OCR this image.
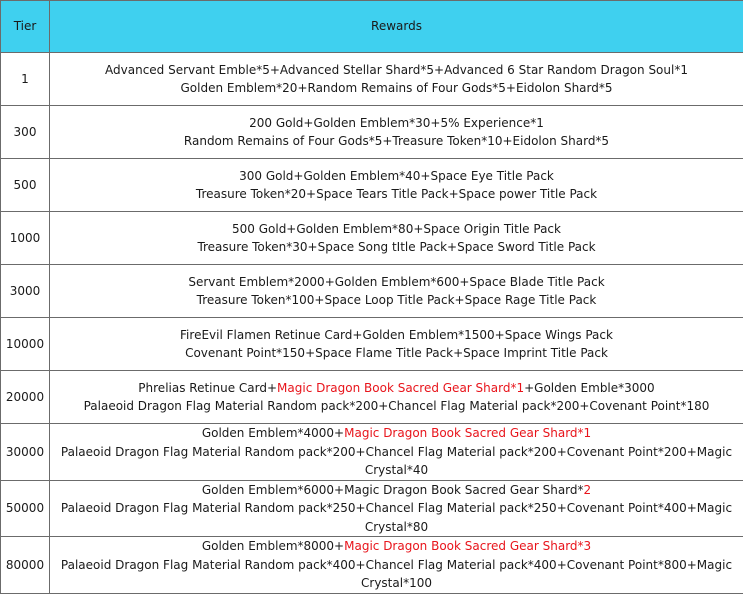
Tier	Rewards
1	Advanced Servant Emble*5+Advanced Stellar Shard*5+Advanced 6 Star Random Dragon Soul*1
Golden Emblem*20+Random Remains of Four Gods*5+Eidolon Shard*5

300	200 Gold+Golden Emblem*30+5% Experience*1
Random Remains of Four Gods*5+Treasure Token*10+Eidolon Shard*5

500	300 Gold+Golden Emblem*40+Space Eye Title Pack
Treasure Token*20+Space Tears Title Pack+Space power Title Pack

1000	500 Gold+Golden Emblem*80+Space Origin Title Pack
Treasure Token*30+Space Song tItle Pack+Space Sword Title Pack

3000	Servant Emblem*2000+Golden Emblem*600+Space Blade Title Pack
Treasure Token*100+Space Loop Title Pack+Space Rage Title Pack

10000	FireEvil Flamen Retinue Card+Golden Emblem*1500+Space Wings Pack
Covenant Point*150+Space Flame Title Pack+Space Imprint Title Pack

20000	Phrelias Retinue Card+Magic Dragon Book Sacred Gear Shard*1+Golden Emble*3000
Palaeoid Dragon Flag Material Random pack*200+Chancel Flag Material pack*200+Covenant Point*180

30000	Golden Emblem*4000+Magic Dragon Book Sacred Gear Shard*1
Palaeoid Dragon Flag Material Random pack*200+Chancel Flag Material pack*200+Covenant Point*200+Magic
Crystal*40

50000	Golden Emblem*6000+Magic Dragon Book Sacred Gear Shard*2
Palaeoid Dragon Flag Material Random pack*250+Chancel Flag Material pack*250+Covenant Point*400+Magic
Crystal*80

80000	Golden Emblem*8000+Magic Dragon Book Sacred Gear Shard*3
Palaeoid Dragon Flag Material Random pack*400+Chancel Flag Material pack*400+Covenant Point*800+Magic
Crystal*100
